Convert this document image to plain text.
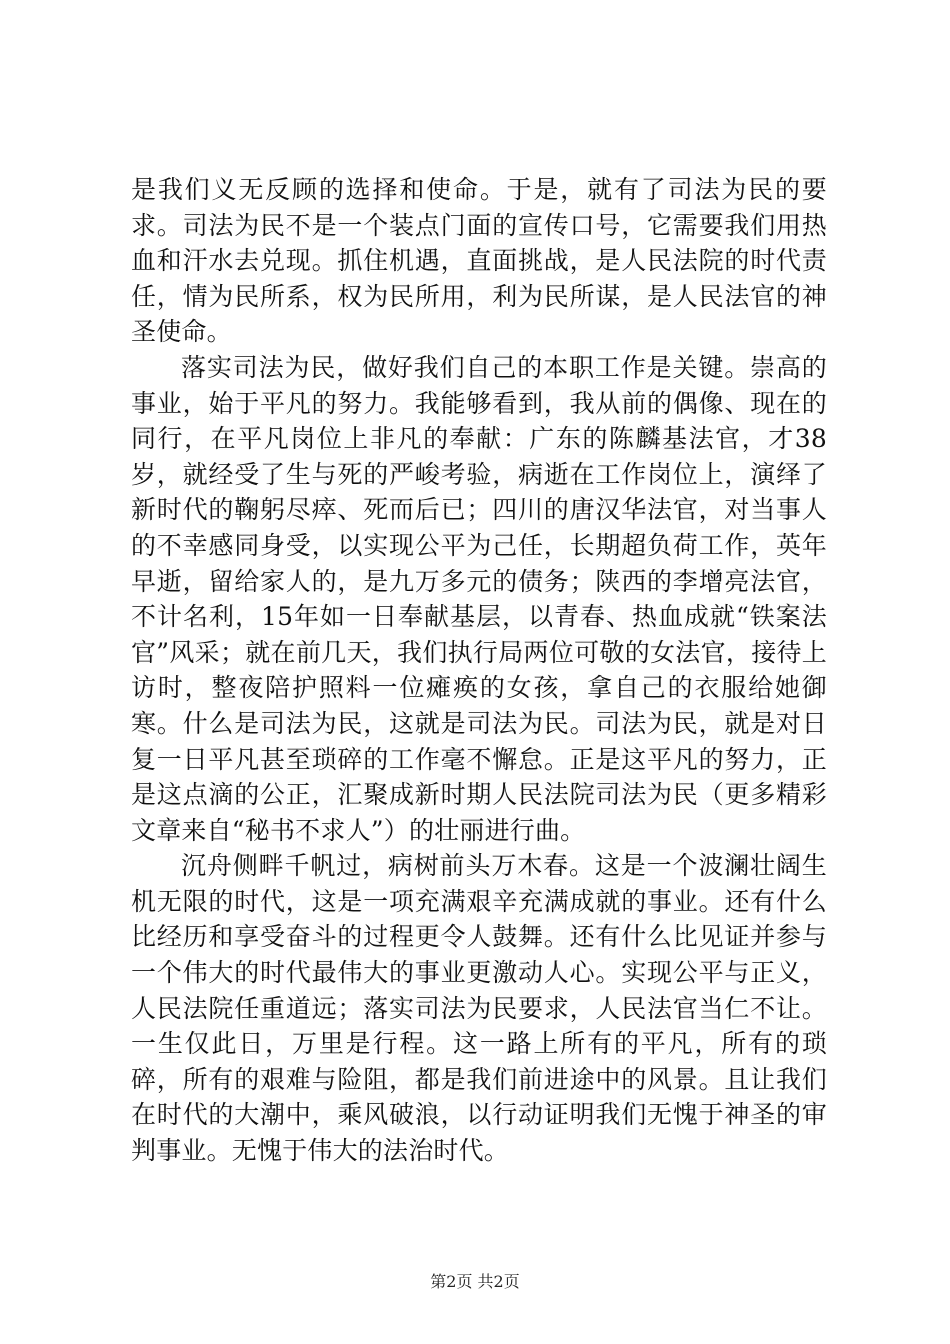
是我们义无反顾的选择和使命。于是，就有了司法为民的要求。司法为民不是一个装点门面的宣传口号，它需要我们用热血和汗水去兑现。抓住机遇，直面挑战，是人民法院的时代责任，情为民所系，权为民所用，利为民所谋，是人民法官的神圣使命。

落实司法为民，做好我们自己的本职工作是关键。崇高的事业，始于平凡的努力。我能够看到，我从前的偶像、现在的同行，在平凡岗位上非凡的奉献：广东的陈麟基法官，才38岁，就经受了生与死的严峻考验，病逝在工作岗位上，演绎了新时代的鞠躬尽瘁、死而后已；四川的唐汉华法官，对当事人的不幸感同身受，以实现公平为己任，长期超负荷工作，英年早逝，留给家人的，是九万多元的债务；陕西的李增亮法官，不计名利，15年如一日奉献基层，以青春、热血成就“铁案法官”风采；就在前几天，我们执行局两位可敬的女法官，接待上访时，整夜陪护照料一位瘫痪的女孩，拿自己的衣服给她御寒。什么是司法为民，这就是司法为民。司法为民，就是对日复一日平凡甚至琐碎的工作毫不懈怠。正是这平凡的努力，正是这点滴的公正，汇聚成新时期人民法院司法为民（更多精彩文章来自“秘书不求人”）的壮丽进行曲。

沉舟侧畔千帆过，病树前头万木春。这是一个波澜壮阔生机无限的时代，这是一项充满艰辛充满成就的事业。还有什么比经历和享受奋斗的过程更令人鼓舞。还有什么比见证并参与一个伟大的时代最伟大的事业更激动人心。实现公平与正义，人民法院任重道远；落实司法为民要求，人民法官当仁不让。一生仅此日，万里是行程。这一路上所有的平凡，所有的琐碎，所有的艰难与险阻，都是我们前进途中的风景。且让我们在时代的大潮中，乘风破浪，以行动证明我们无愧于神圣的审判事业。无愧于伟大的法治时代。

第2页 共2页
